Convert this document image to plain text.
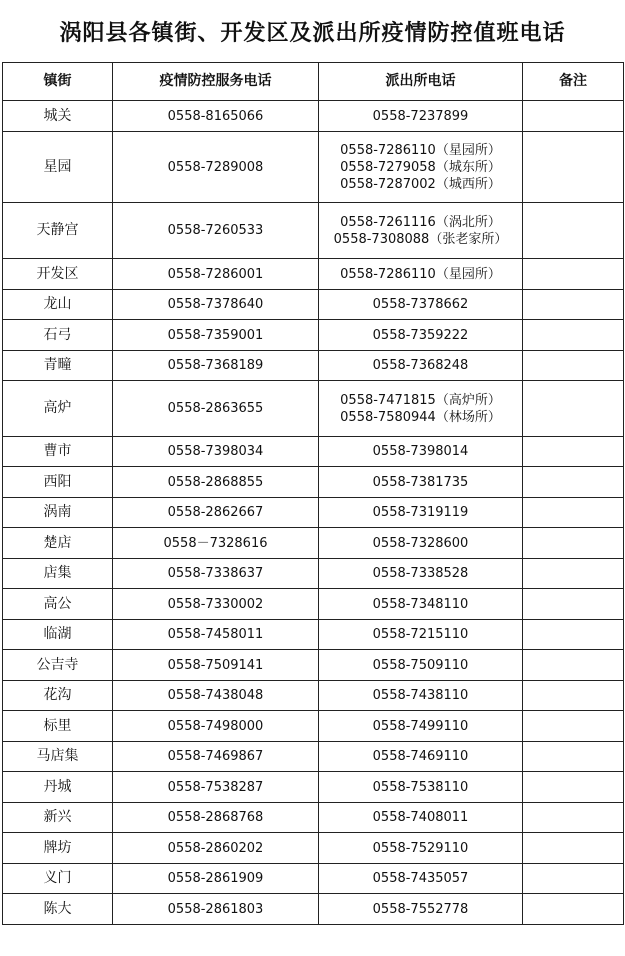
涡阳县各镇街、开发区及派出所疫情防控值班电话
镇街	疫情防控服务电话	派出所电话	备注
城关	0558-8165066	0558-7237899	

星园	0558-7289008	0558-7286110（星园所）
0558-7279058（城东所）
0558-7287002（城西所）	

天静宫	0558-7260533	0558-7261116（涡北所）
0558-7308088（张老家所）	

开发区	0558-7286001	0558-7286110（星园所）	

龙山	0558-7378640	0558-7378662	

石弓	0558-7359001	0558-7359222	

青疃	0558-7368189	0558-7368248	

高炉	0558-2863655	0558-7471815（高炉所）
0558-7580944（林场所）	

曹市	0558-7398034	0558-7398014	

西阳	0558-2868855	0558-7381735	

涡南	0558-2862667	0558-7319119	

楚店	0558－7328616	0558-7328600	

店集	0558-7338637	0558-7338528	

高公	0558-7330002	0558-7348110	

临湖	0558-7458011	0558-7215110	

公吉寺	0558-7509141	0558-7509110	

花沟	0558-7438048	0558-7438110	

标里	0558-7498000	0558-7499110	

马店集	0558-7469867	0558-7469110	

丹城	0558-7538287	0558-7538110	

新兴	0558-2868768	0558-7408011	

牌坊	0558-2860202	0558-7529110	

义门	0558-2861909	0558-7435057	

陈大	0558-2861803	0558-7552778	
